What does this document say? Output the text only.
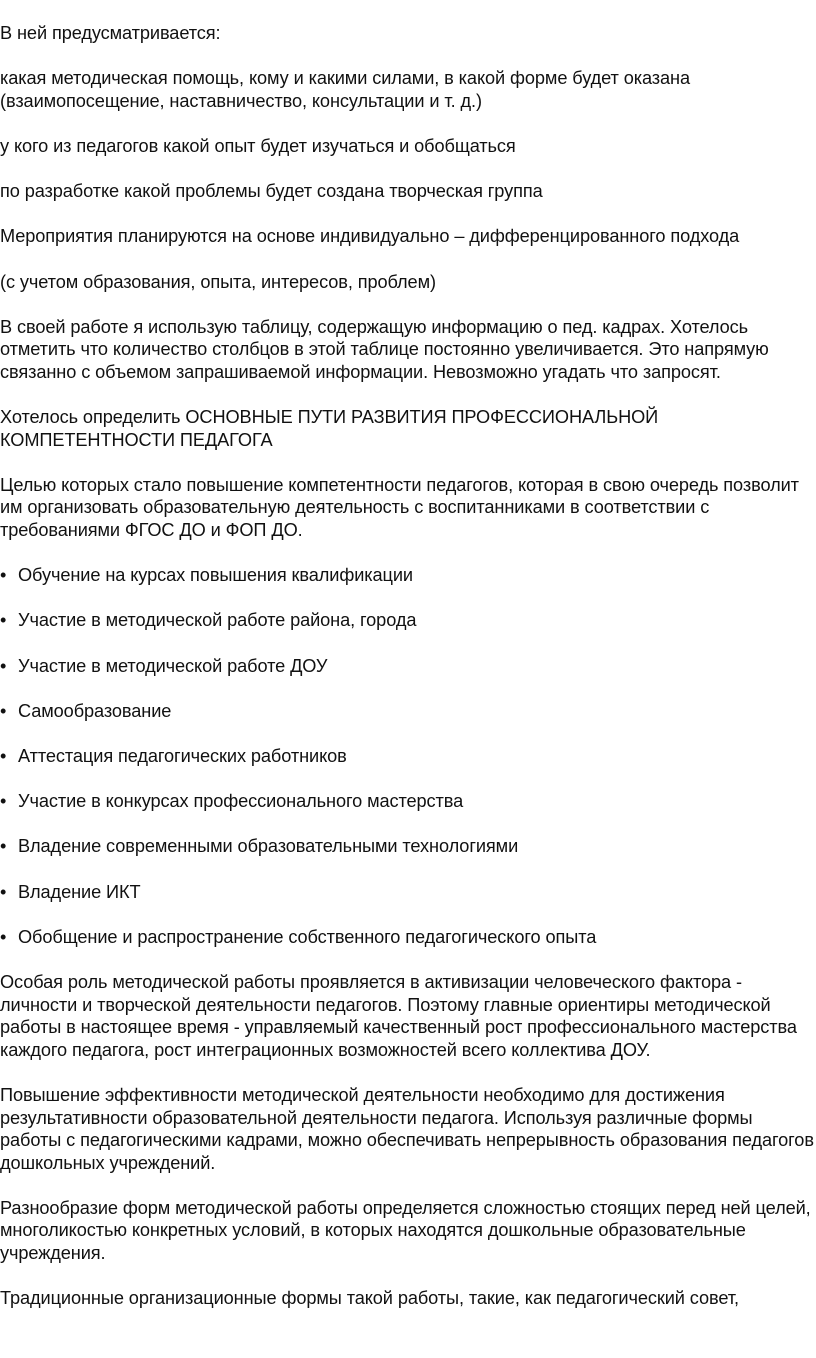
В ней предусматривается:

какая методическая помощь, кому и какими силами, в какой форме будет оказана (взаимопосещение, наставничество, консультации и т. д.)

у кого из педагогов какой опыт будет изучаться и обобщаться

по разработке какой проблемы будет создана творческая группа

Мероприятия планируются на основе индивидуально – дифференцированного подхода

(с учетом образования, опыта, интересов, проблем)

В своей работе я использую таблицу, содержащую информацию о пед. кадрах. Хотелось отметить что количество столбцов в этой таблице постоянно увеличивается. Это напрямую связанно с объемом запрашиваемой информации. Невозможно угадать что запросят.

Хотелось определить ОСНОВНЫЕ ПУТИ РАЗВИТИЯ ПРОФЕССИОНАЛЬНОЙ КОМПЕТЕНТНОСТИ ПЕДАГОГА

Целью которых стало повышение компетентности педагогов, которая в свою очередь позволит им организовать образовательную деятельность с воспитанниками в соответствии с требованиями ФГОС ДО и ФОП ДО.

• Обучение на курсах повышения квалификации
• Участие в методической работе района, города
• Участие в методической работе ДОУ
• Самообразование
• Аттестация педагогических работников
• Участие в конкурсах профессионального мастерства
• Владение современными образовательными технологиями
• Владение ИКТ
• Обобщение и распространение собственного педагогического опыта

Особая роль методической работы проявляется в активизации человеческого фактора - личности и творческой деятельности педагогов. Поэтому главные ориентиры методической работы в настоящее время - управляемый качественный рост профессионального мастерства каждого педагога, рост интеграционных возможностей всего коллектива ДОУ.

Повышение эффективности методической деятельности необходимо для достижения результативности образовательной деятельности педагога. Используя различные формы работы с педагогическими кадрами, можно обеспечивать непрерывность образования педагогов дошкольных учреждений.

Разнообразие форм методической работы определяется сложностью стоящих перед ней целей, многоликостью конкретных условий, в которых находятся дошкольные образовательные учреждения.

Традиционные организационные формы такой работы, такие, как педагогический совет,
